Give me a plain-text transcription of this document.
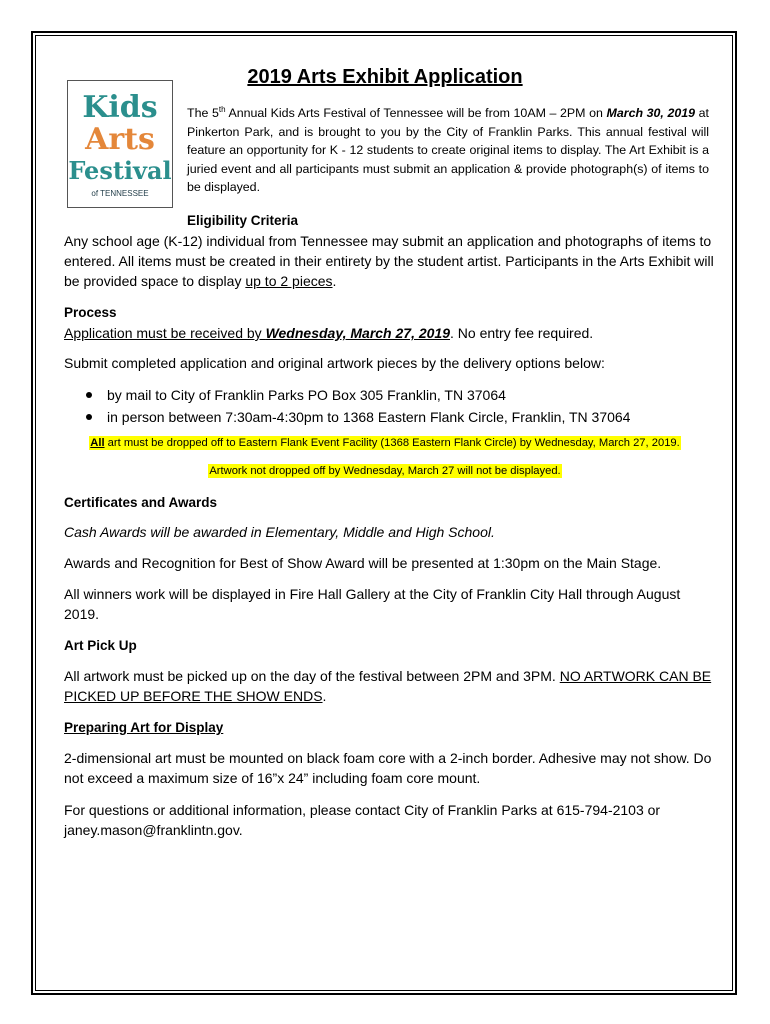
Kids
Arts
Festival
of TENNESSEE
2019 Arts Exhibit Application
The 5th Annual Kids Arts Festival of Tennessee will be from 10AM – 2PM on March 30, 2019 at Pinkerton Park, and is brought to you by the City of Franklin Parks. This annual festival will feature an opportunity for K - 12 students to create original items to display. The Art Exhibit is a juried event and all participants must submit an application & provide photograph(s) of items to be displayed.
Eligibility Criteria
Any school age (K-12) individual from Tennessee may submit an application and photographs of items to entered. All items must be created in their entirety by the student artist. Participants in the Arts Exhibit will be provided space to display up to 2 pieces.
Process
Application must be received by Wednesday, March 27, 2019. No entry fee required.
Submit completed application and original artwork pieces by the delivery options below:
by mail to City of Franklin Parks PO Box 305 Franklin, TN 37064
in person between 7:30am-4:30pm to 1368 Eastern Flank Circle, Franklin, TN 37064
All art must be dropped off to Eastern Flank Event Facility (1368 Eastern Flank Circle) by Wednesday, March 27, 2019.
Artwork not dropped off by Wednesday, March 27 will not be displayed.
Certificates and Awards
Cash Awards will be awarded in Elementary, Middle and High School.
Awards and Recognition for Best of Show Award will be presented at 1:30pm on the Main Stage.
All winners work will be displayed in Fire Hall Gallery at the City of Franklin City Hall through August 2019.
Art Pick Up
All artwork must be picked up on the day of the festival between 2PM and 3PM. NO ARTWORK CAN BE PICKED UP BEFORE THE SHOW ENDS.
Preparing Art for Display
2-dimensional art must be mounted on black foam core with a 2-inch border. Adhesive may not show. Do not exceed a maximum size of 16”x 24” including foam core mount.
For questions or additional information, please contact City of Franklin Parks at 615-794-2103 or janey.mason@franklintn.gov.
